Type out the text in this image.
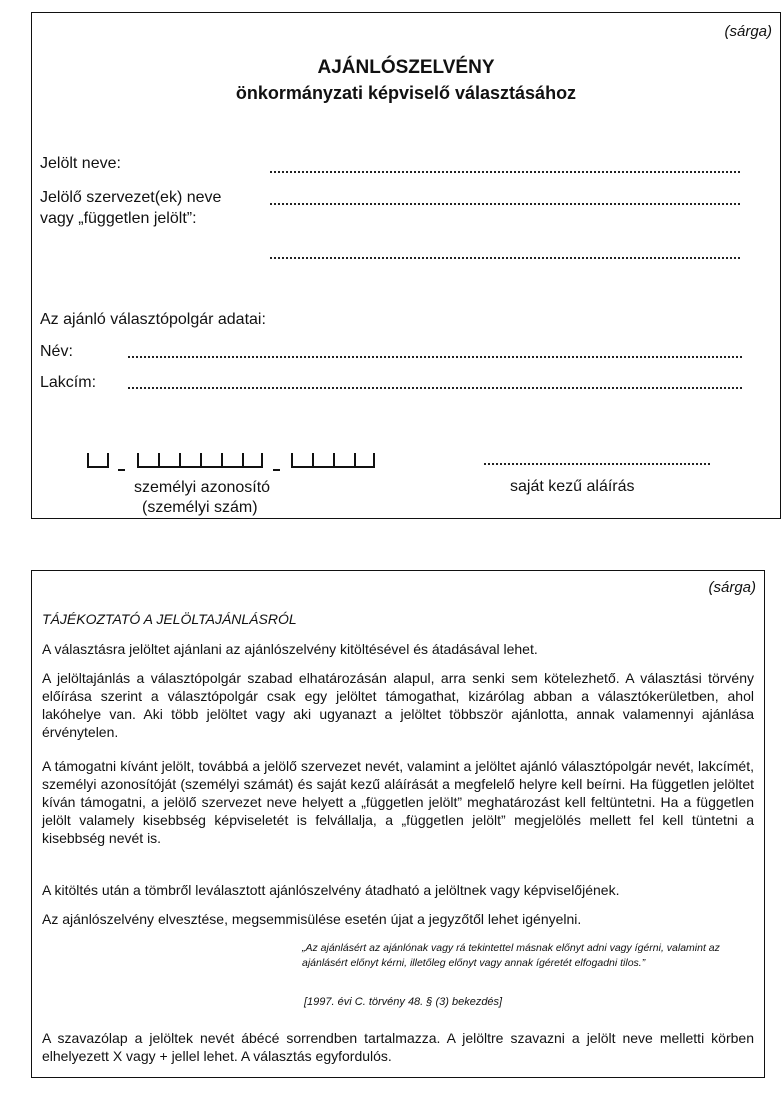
(sárga)
AJÁNLÓSZELVÉNY
önkormányzati képviselő választásához
Jelölt neve:
Jelölő szervezet(ek) neve
vagy „független jelölt”:
Az ajánló választópolgár adatai:
Név:
Lakcím:
személyi azonosító
(személyi szám)
saját kezű aláírás
(sárga)
TÁJÉKOZTATÓ A JELÖLTAJÁNLÁSRÓL
A választásra jelöltet ajánlani az ajánlószelvény kitöltésével és átadásával lehet.
A jelöltajánlás a választópolgár szabad elhatározásán alapul, arra senki sem kötelezhető. A választási törvény előírása szerint a választópolgár csak egy jelöltet támogathat, kizárólag abban a választókerületben, ahol lakóhelye van. Aki több jelöltet vagy aki ugyanazt a jelöltet többször ajánlotta, annak valamennyi ajánlása érvénytelen.
A támogatni kívánt jelölt, továbbá a jelölő szervezet nevét, valamint a jelöltet ajánló választópolgár nevét, lakcímét, személyi azonosítóját (személyi számát) és saját kezű aláírását a megfelelő helyre kell beírni. Ha független jelöltet kíván támogatni, a jelölő szervezet neve helyett a „független jelölt” meghatározást kell feltüntetni. Ha a független jelölt valamely kisebbség képviseletét is felvállalja, a „független jelölt” megjelölés mellett fel kell tüntetni a kisebbség nevét is.
A kitöltés után a tömbről leválasztott ajánlószelvény átadható a jelöltnek vagy képviselőjének.
Az ajánlószelvény elvesztése, megsemmisülése esetén újat a jegyzőtől lehet igényelni.
„Az ajánlásért az ajánlónak vagy rá tekintettel másnak előnyt adni vagy ígérni, valamint az ajánlásért előnyt kérni, illetőleg előnyt vagy annak ígéretét elfogadni tilos.”
[1997. évi C. törvény 48. § (3) bekezdés]
A szavazólap a jelöltek nevét ábécé sorrendben tartalmazza. A jelöltre szavazni a jelölt neve melletti körben elhelyezett X vagy + jellel lehet. A választás egyfordulós.
